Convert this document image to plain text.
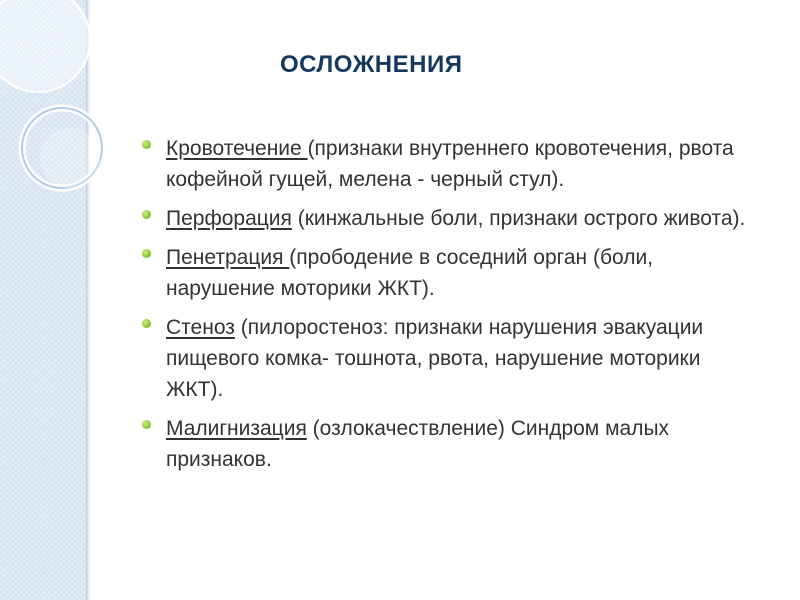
ОСЛОЖНЕНИЯ
Кровотечение (признаки внутреннего кровотечения, рвота кофейной гущей, мелена - черный стул).
Перфорация (кинжальные боли, признаки острого живота).
Пенетрация (прободение в соседний орган (боли, нарушение моторики ЖКТ).
Стеноз (пилоростеноз: признаки нарушения эвакуации пищевого комка- тошнота, рвота, нарушение моторики ЖКТ).
Малигнизация (озлокачествление) Синдром малых признаков.
